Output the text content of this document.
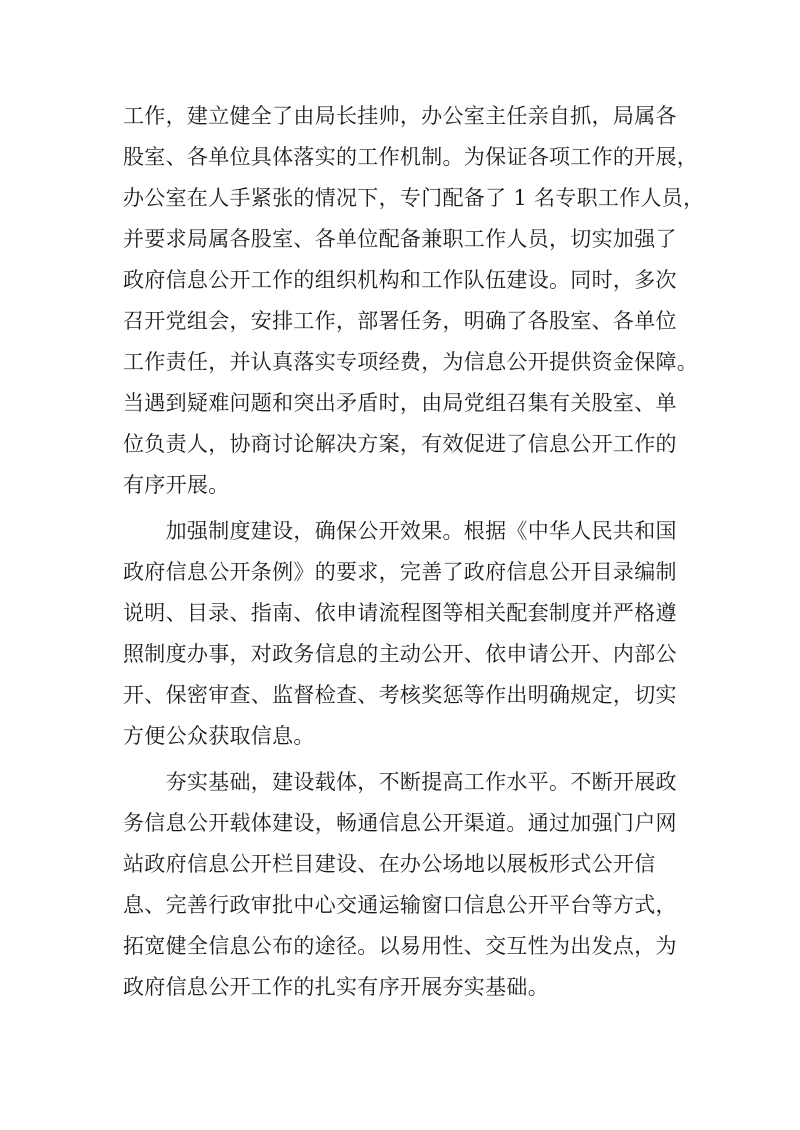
工作，建立健全了由局长挂帅，办公室主任亲自抓，局属各
股室、各单位具体落实的工作机制。为保证各项工作的开展，
办公室在人手紧张的情况下，专门配备了 1 名专职工作人员，
并要求局属各股室、各单位配备兼职工作人员，切实加强了
政府信息公开工作的组织机构和工作队伍建设。同时，多次
召开党组会，安排工作，部署任务，明确了各股室、各单位
工作责任，并认真落实专项经费，为信息公开提供资金保障。
当遇到疑难问题和突出矛盾时，由局党组召集有关股室、单
位负责人，协商讨论解决方案，有效促进了信息公开工作的
有序开展。
　　加强制度建设，确保公开效果。根据《中华人民共和国
政府信息公开条例》的要求，完善了政府信息公开目录编制
说明、目录、指南、依申请流程图等相关配套制度并严格遵
照制度办事，对政务信息的主动公开、依申请公开、内部公
开、保密审查、监督检查、考核奖惩等作出明确规定，切实
方便公众获取信息。
　　夯实基础，建设载体，不断提高工作水平。不断开展政
务信息公开载体建设，畅通信息公开渠道。通过加强门户网
站政府信息公开栏目建设、在办公场地以展板形式公开信
息、完善行政审批中心交通运输窗口信息公开平台等方式，
拓宽健全信息公布的途径。以易用性、交互性为出发点，为
政府信息公开工作的扎实有序开展夯实基础。
